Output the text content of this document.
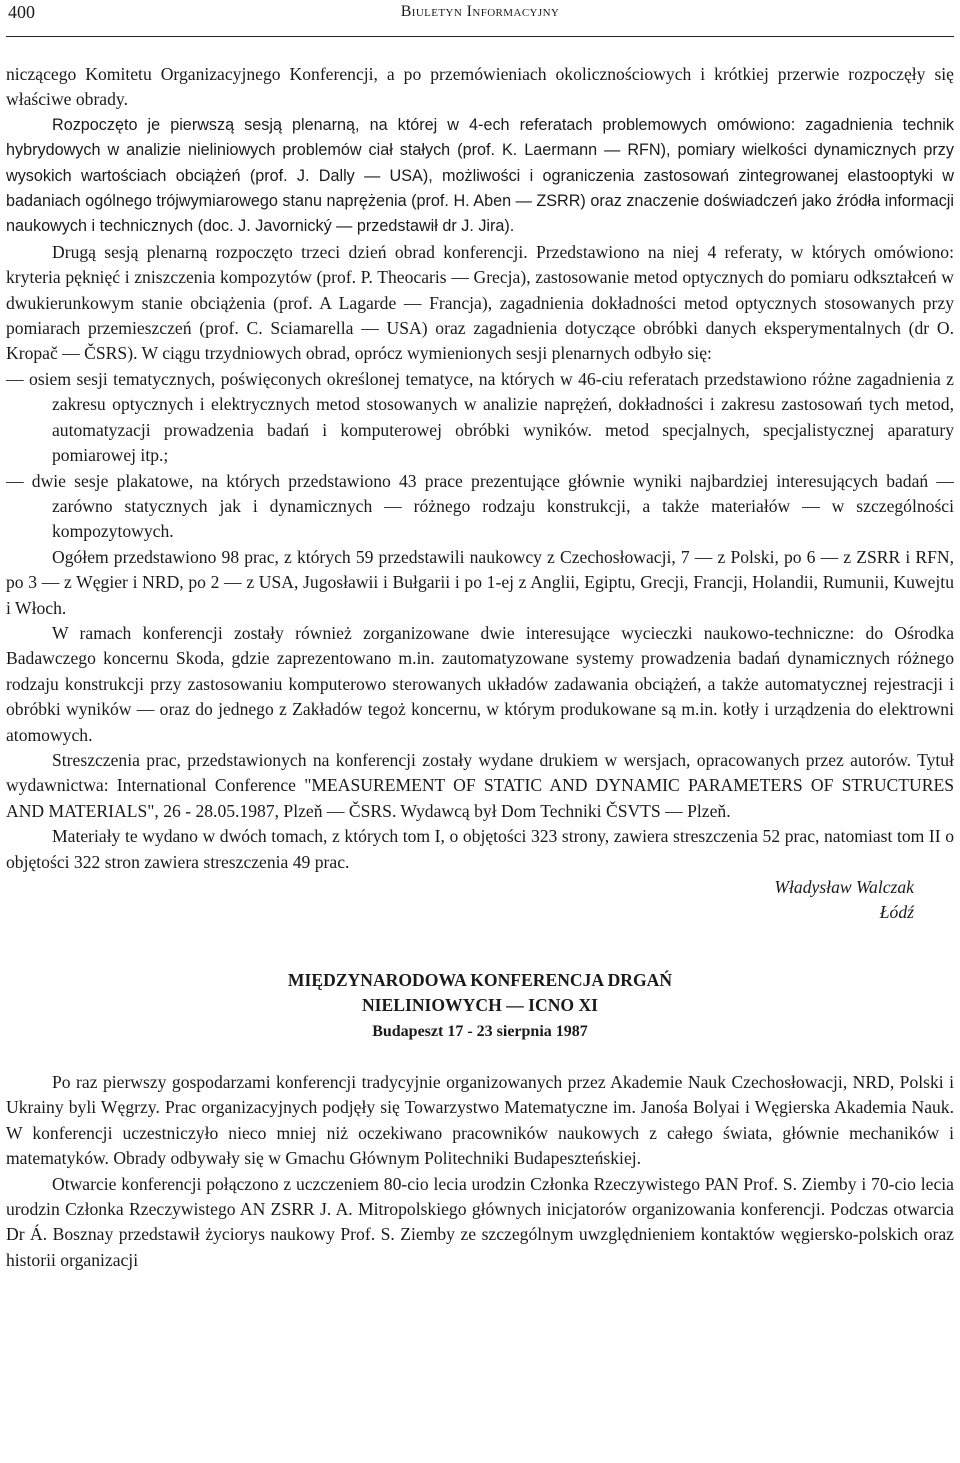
400	Biuletyn Informacyjny

niczącego Komitetu Organizacyjnego Konferencji, a po przemówieniach okolicznościowych i krótkiej przerwie rozpoczęły się właściwe obrady.

Rozpoczęto je pierwszą sesją plenarną, na której w 4-ech referatach problemowych omówiono: zagadnienia technik hybrydowych w analizie nieliniowych problemów ciał stałych (prof. K. Laermann — RFN), pomiary wielkości dynamicznych przy wysokich wartościach obciążeń (prof. J. Dally — USA), możliwości i ograniczenia zastosowań zintegrowanej elastooptyki w badaniach ogólnego trójwymiarowego stanu naprężenia (prof. H. Aben — ZSRR) oraz znaczenie doświadczeń jako źródła informacji naukowych i technicznych (doc. J. Javornický — przedstawił dr J. Jira).

Drugą sesją plenarną rozpoczęto trzeci dzień obrad konferencji. Przedstawiono na niej 4 referaty, w których omówiono: kryteria pęknięć i zniszczenia kompozytów (prof. P. Theocaris — Grecja), zastosowanie metod optycznych do pomiaru odkształceń w dwukierunkowym stanie obciążenia (prof. A Lagarde — Francja), zagadnienia dokładności metod optycznych stosowanych przy pomiarach przemieszczeń (prof. C. Sciamarella — USA) oraz zagadnienia dotyczące obróbki danych eksperymentalnych (dr O. Kropač — ČSRS). W ciągu trzydniowych obrad, oprócz wymienionych sesji plenarnych odbyło się:

— osiem sesji tematycznych, poświęconych określonej tematyce, na których w 46-ciu referatach przedstawiono różne zagadnienia z zakresu optycznych i elektrycznych metod stosowanych w analizie naprężeń, dokładności i zakresu zastosowań tych metod, automatyzacji prowadzenia badań i komputerowej obróbki wyników. metod specjalnych, specjalistycznej aparatury pomiarowej itp.;

— dwie sesje plakatowe, na których przedstawiono 43 prace prezentujące głównie wyniki najbardziej interesujących badań — zarówno statycznych jak i dynamicznych — różnego rodzaju konstrukcji, a także materiałów — w szczególności kompozytowych.

Ogółem przedstawiono 98 prac, z których 59 przedstawili naukowcy z Czechosłowacji, 7 — z Polski, po 6 — z ZSRR i RFN, po 3 — z Węgier i NRD, po 2 — z USA, Jugosławii i Bułgarii i po 1-ej z Anglii, Egiptu, Grecji, Francji, Holandii, Rumunii, Kuwejtu i Włoch.

W ramach konferencji zostały również zorganizowane dwie interesujące wycieczki naukowo-techniczne: do Ośrodka Badawczego koncernu Skoda, gdzie zaprezentowano m.in. zautomatyzowane systemy prowadzenia badań dynamicznych różnego rodzaju konstrukcji przy zastosowaniu komputerowo sterowanych układów zadawania obciążeń, a także automatycznej rejestracji i obróbki wyników — oraz do jednego z Zakładów tegoż koncernu, w którym produkowane są m.in. kotły i urządzenia do elektrowni atomowych.

Streszczenia prac, przedstawionych na konferencji zostały wydane drukiem w wersjach, opracowanych przez autorów. Tytuł wydawnictwa: International Conference "MEASUREMENT OF STATIC AND DYNAMIC PARAMETERS OF STRUCTURES AND MATERIALS", 26 - 28.05.1987, Plzeň — ČSRS. Wydawcą był Dom Techniki ČSVTS — Plzeň.

Materiały te wydano w dwóch tomach, z których tom I, o objętości 323 strony, zawiera streszczenia 52 prac, natomiast tom II o objętości 322 stron zawiera streszczenia 49 prac.

Władysław Walczak

Łódź

MIĘDZYNARODOWA KONFERENCJA DRGAŃ

NIELINIOWYCH — ICNO XI

Budapeszt 17 - 23 sierpnia 1987

Po raz pierwszy gospodarzami konferencji tradycyjnie organizowanych przez Akademie Nauk Czechosłowacji, NRD, Polski i Ukrainy byli Węgrzy. Prac organizacyjnych podjęły się Towarzystwo Matematyczne im. Janośa Bolyai i Węgierska Akademia Nauk. W konferencji uczestniczyło nieco mniej niż oczekiwano pracowników naukowych z całego świata, głównie mechaników i matematyków. Obrady odbywały się w Gmachu Głównym Politechniki Budapeszteńskiej.

Otwarcie konferencji połączono z uczczeniem 80-cio lecia urodzin Członka Rzeczywistego PAN Prof. S. Ziemby i 70-cio lecia urodzin Członka Rzeczywistego AN ZSRR J. A. Mitropolskiego głównych inicjatorów organizowania konferencji. Podczas otwarcia Dr Á. Bosznay przedstawił życiorys naukowy Prof. S. Ziemby ze szczególnym uwzględnieniem kontaktów węgiersko-polskich oraz historii organizacji
